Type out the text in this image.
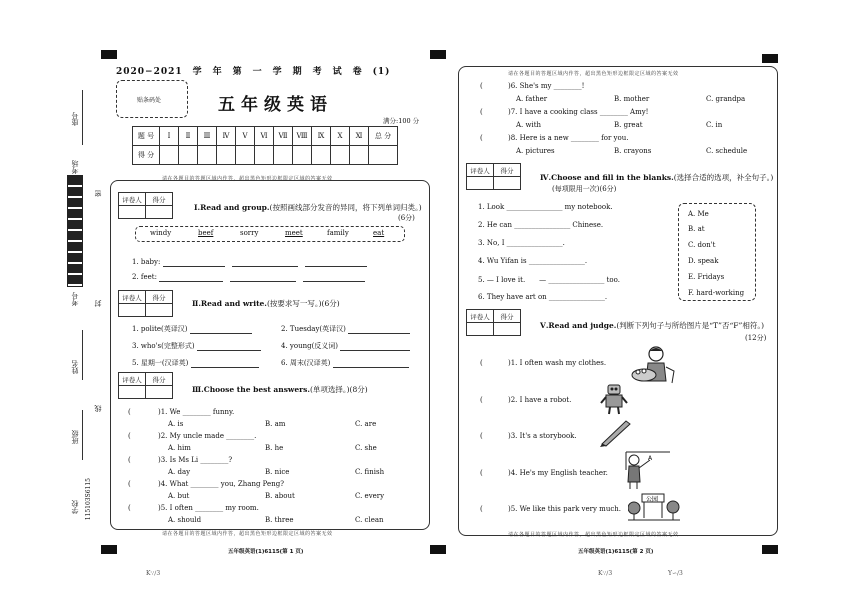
座号
考场
密
考号 封
姓名
线
班级
学校 115103S6115
2020−2021　学　年　第　一　学　期　考　试　卷　(1)
贴条码处	五年级英语
满分:100 分
题 号	Ⅰ	Ⅱ	Ⅲ	Ⅳ	Ⅴ	Ⅵ	Ⅶ	Ⅷ	Ⅸ	Ⅹ	Ⅺ	总 分
得 分												
请在各题目的答题区域内作答，超出黑色矩形边框限定区域的答案无效
评卷人	得分

Ⅰ.Read and group.(按照画线部分发音的异同，将下列单词归类。)
(6分)
windy	beef	sorry	meet	family	eat
1. baby: 　　
2. feet: 　　
评卷人	得分

Ⅱ.Read and write.(按要求写一写。)(6分)
1. polite(英译汉)	2. Tuesday(英译汉)
3. who's(完整形式)	4. young(反义词)
5. 星期一(汉译英)	6. 周末(汉译英)
评卷人	得分

Ⅲ.Choose the best answers.(单项选择。)(8分)
(	)1. We ________ funny.
A. is	B. am	C. are
(	)2. My uncle made ________.
A. him	B. he	C. she
(	)3. Is Ms Li ________?
A. day	B. nice	C. finish
(	)4. What ________ you, Zhang Peng?
A. but	B. about	C. every
(	)5. I often ________ my room.
A. should	B. three	C. clean
请在各题目的答题区域内作答，超出黑色矩形边框限定区域的答案无效
五年级英语(1)6115(第 1 页)
K∵∕3
请在各题目的答题区域内作答，超出黑色矩形边框限定区域的答案无效
(	)6. She's my ________!
A. father	B. mother	C. grandpa
(	)7. I have a cooking class ________ Amy!
A. with	B. great	C. in
(	)8. Here is a new ________ for you.
A. pictures	B. crayons	C. schedule
评卷人	得分

Ⅳ.Choose and fill in the blanks.(选择合适的选项，补全句子。)
(每项限用一次)(6分)
1. Look ________________ my notebook.
2. He can ________________ Chinese.
3. No, I ________________.
4. Wu Yifan is ________________.
5. — I love it.　　— ________________ too.
6. They have art on ________________.
A. Me
B. at
C. don't
D. speak
E. Fridays
F. hard-working
评卷人	得分

Ⅴ.Read and judge.(判断下列句子与所给图片是“T”否“F”相符。)
(12分)
(	)1. I often wash my clothes.
(	)2. I have a robot.
(	)3. It's a storybook.
(	)4. He's my English teacher.
(	)5. We like this park very much.
A
公园
请在各题目的答题区域内作答，超出黑色矩形边框限定区域的答案无效
五年级英语(1)6115(第 2 页)
K∵∕3	Y∽∕3
